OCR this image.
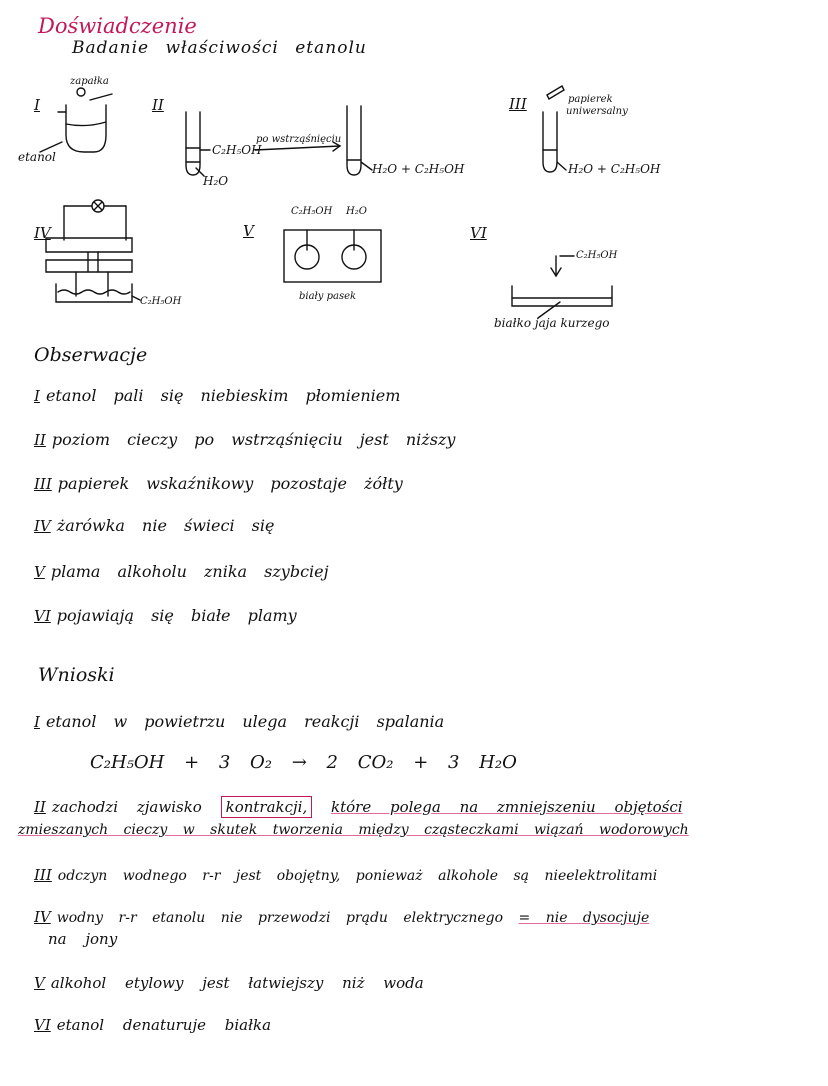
Doświadczenie
Badanie właściwości etanolu
I	II	III
IV	V	VI
zapałka
etanol	C₂H₅OH
H₂O
po wstrząśnięciu
H₂O + C₂H₅OH
papierek
uniwersalny
H₂O + C₂H₅OH
C₂H₅OH
C₂H₅OH H₂O
biały pasek
C₂H₅OH
białko jaja kurzego
Obserwacje
I etanol pali się niebieskim płomieniem
II poziom cieczy po wstrząśnięciu jest niższy
III papierek wskaźnikowy pozostaje żółty
IV żarówka nie świeci się
V plama alkoholu znika szybciej
VI pojawiają się białe plamy
Wnioski
I etanol w powietrzu ulega reakcji spalania
C₂H₅OH + 3 O₂ → 2 CO₂ + 3 H₂O
II zachodzi zjawisko kontrakcji, które polega na zmniejszeniu objętości
zmieszanych cieczy w skutek tworzenia między cząsteczkami wiązań wodorowych
III odczyn wodnego r-r jest obojętny, ponieważ alkohole są nieelektrolitami
IV wodny r-r etanolu nie przewodzi prądu elektrycznego = nie dysocjuje
na jony
V alkohol etylowy jest łatwiejszy niż woda
VI etanol denaturuje białka
